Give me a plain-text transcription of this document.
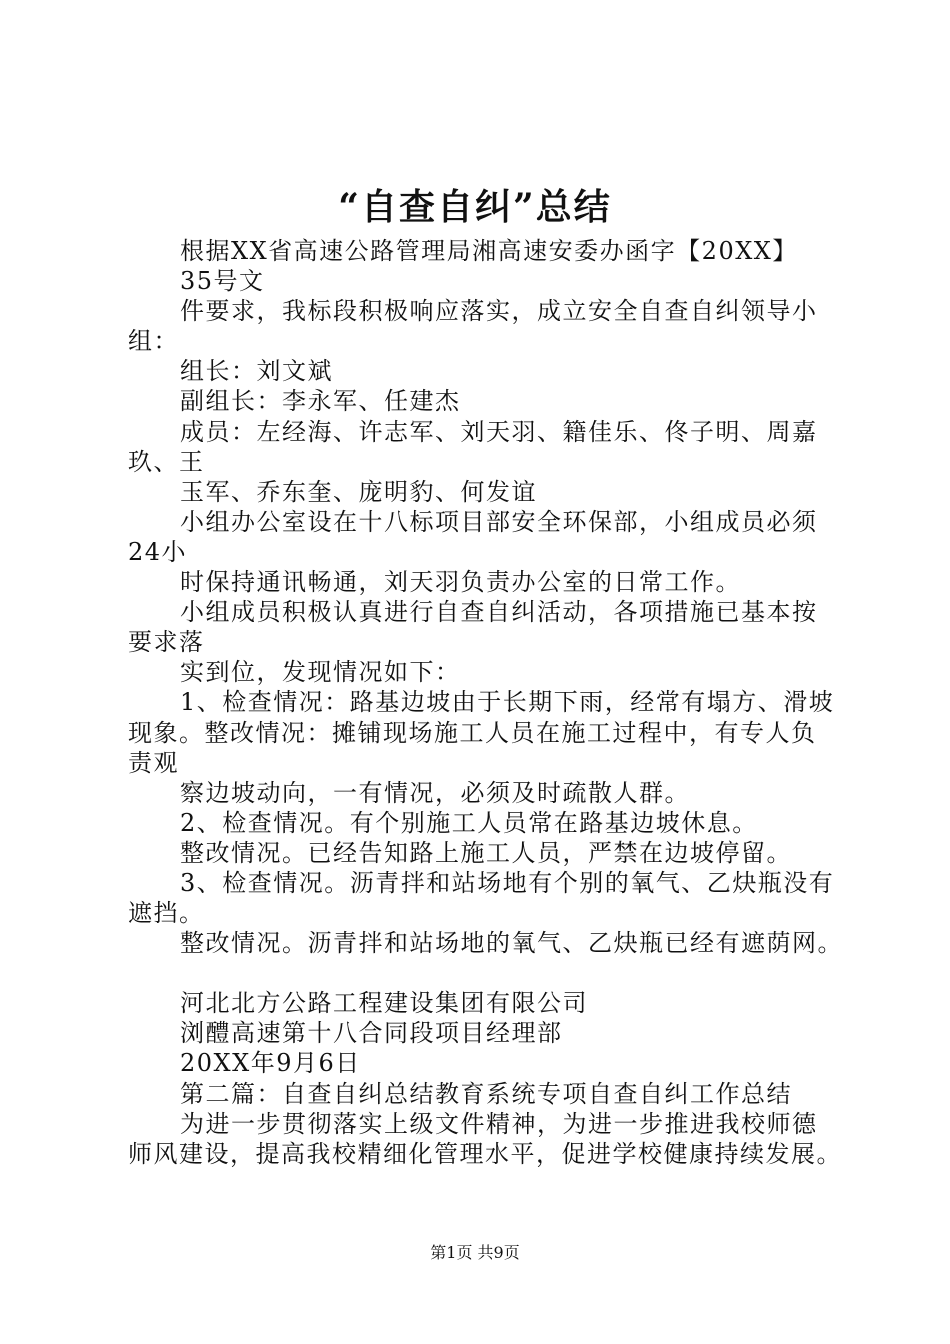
“自查自纠”总结
根据XX省高速公路管理局湘高速安委办函字【20XX】
35号文
件要求，我标段积极响应落实，成立安全自查自纠领导小
组：
组长：刘文斌
副组长：李永军、任建杰
成员：左经海、许志军、刘天羽、籍佳乐、佟子明、周嘉
玖、王
玉军、乔东奎、庞明豹、何发谊
小组办公室设在十八标项目部安全环保部，小组成员必须
24小
时保持通讯畅通，刘天羽负责办公室的日常工作。
小组成员积极认真进行自查自纠活动，各项措施已基本按
要求落
实到位，发现情况如下：
1、检查情况：路基边坡由于长期下雨，经常有塌方、滑坡
现象。整改情况：摊铺现场施工人员在施工过程中，有专人负
责观
察边坡动向，一有情况，必须及时疏散人群。
2、检查情况。有个别施工人员常在路基边坡休息。
整改情况。已经告知路上施工人员，严禁在边坡停留。
3、检查情况。沥青拌和站场地有个别的氧气、乙炔瓶没有
遮挡。
整改情况。沥青拌和站场地的氧气、乙炔瓶已经有遮荫网。
河北北方公路工程建设集团有限公司
浏醴高速第十八合同段项目经理部
20XX年9月6日
第二篇：自查自纠总结教育系统专项自查自纠工作总结
为进一步贯彻落实上级文件精神，为进一步推进我校师德
师风建设，提高我校精细化管理水平，促进学校健康持续发展。
第1页 共9页
